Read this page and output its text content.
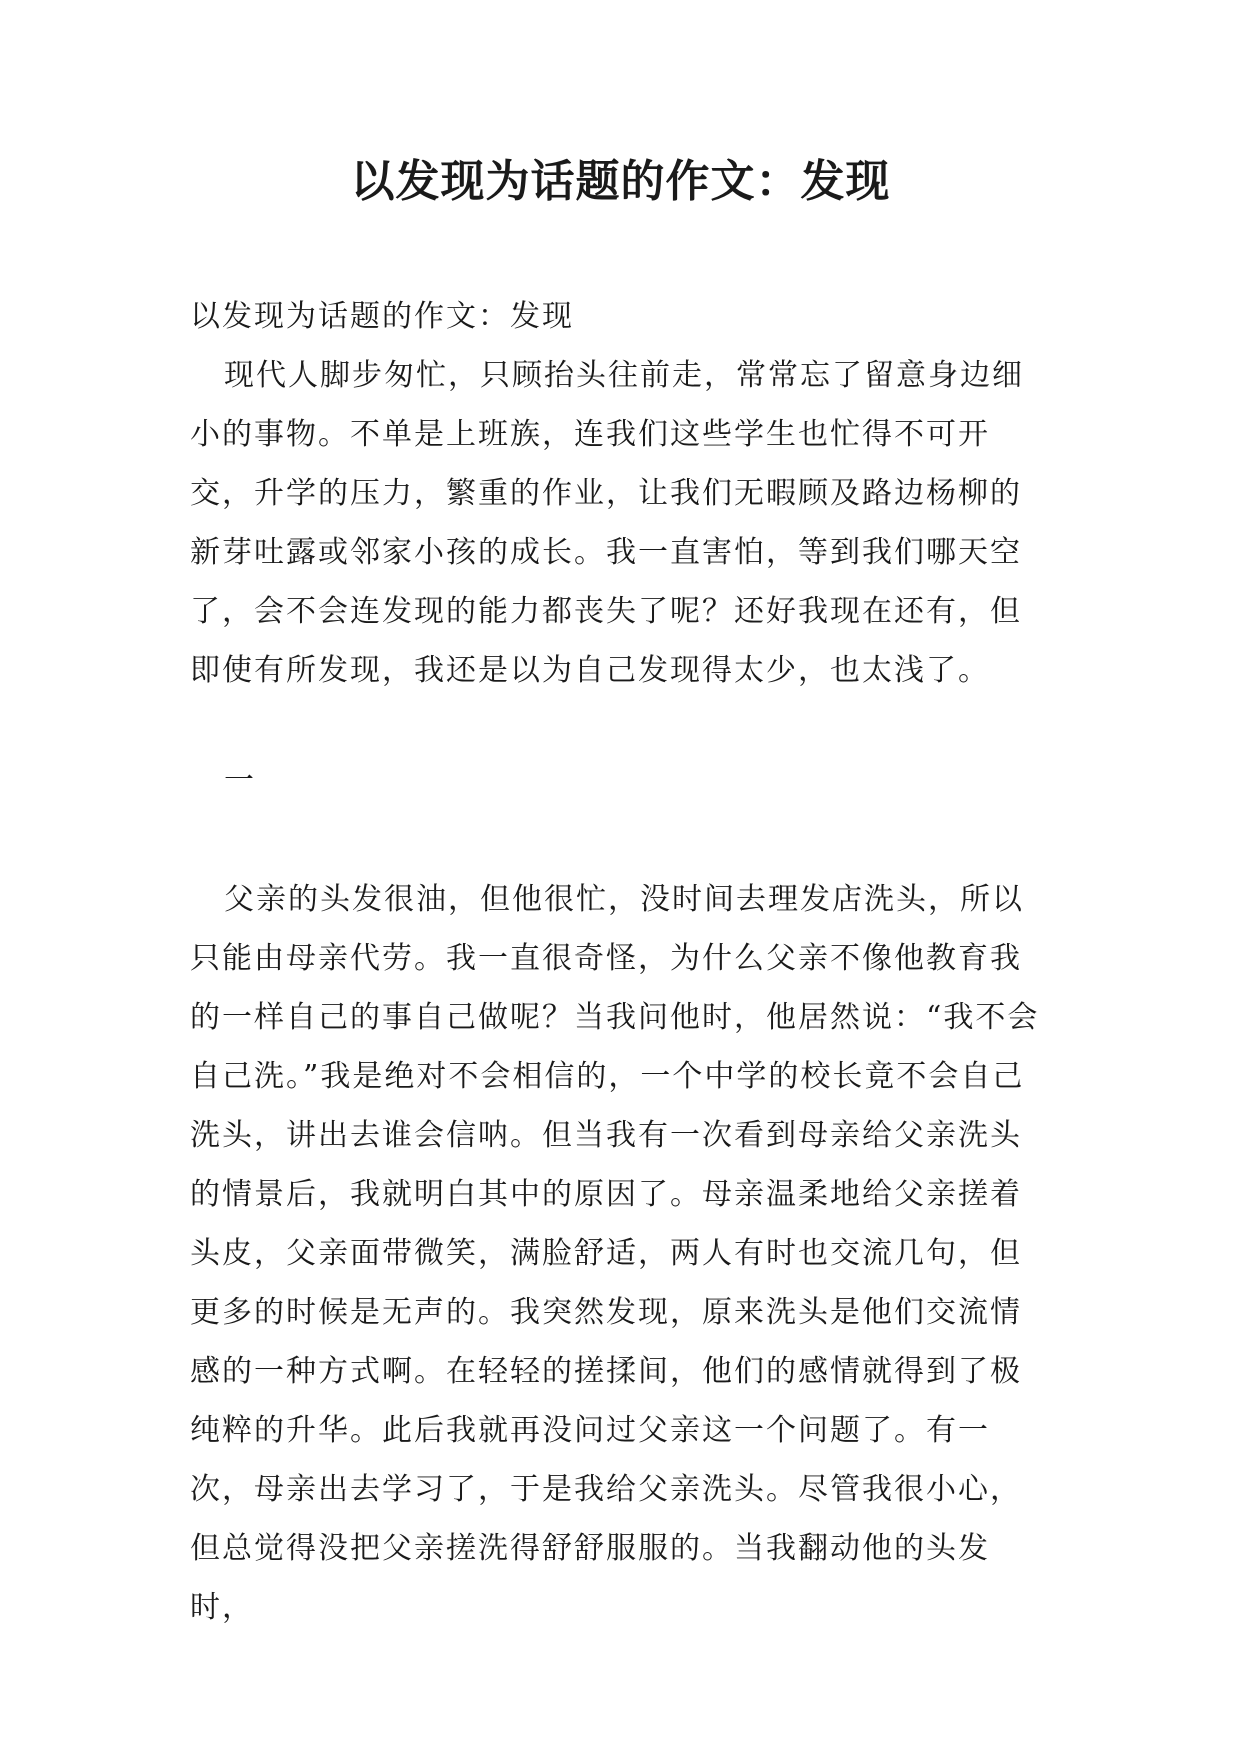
以发现为话题的作文：发现

以发现为话题的作文：发现

现代人脚步匆忙，只顾抬头往前走，常常忘了留意身边细小的事物。不单是上班族，连我们这些学生也忙得不可开交，升学的压力，繁重的作业，让我们无暇顾及路边杨柳的新芽吐露或邻家小孩的成长。我一直害怕，等到我们哪天空了，会不会连发现的能力都丧失了呢？还好我现在还有，但即使有所发现，我还是以为自己发现得太少，也太浅了。

一

父亲的头发很油，但他很忙，没时间去理发店洗头，所以只能由母亲代劳。我一直很奇怪，为什么父亲不像他教育我的一样自己的事自己做呢？当我问他时，他居然说：“我不会自己洗。”我是绝对不会相信的，一个中学的校长竟不会自己洗头，讲出去谁会信呐。但当我有一次看到母亲给父亲洗头的情景后，我就明白其中的原因了。母亲温柔地给父亲搓着头皮，父亲面带微笑，满脸舒适，两人有时也交流几句，但更多的时候是无声的。我突然发现，原来洗头是他们交流情感的一种方式啊。在轻轻的搓揉间，他们的感情就得到了极纯粹的升华。此后我就再没问过父亲这一个问题了。有一次，母亲出去学习了，于是我给父亲洗头。尽管我很小心，但总觉得没把父亲搓洗得舒舒服服的。当我翻动他的头发时，
